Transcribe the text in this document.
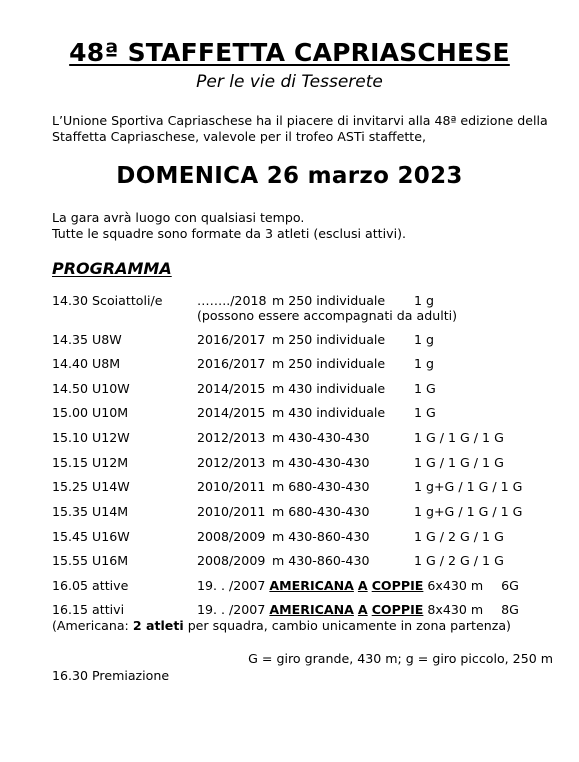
48ª STAFFETTA CAPRIASCHESE
Per le vie di Tesserete
L’Unione Sportiva Capriaschese ha il piacere di invitarvi alla 48ª edizione della
Staffetta Capriaschese, valevole per il trofeo ASTi staffette,
DOMENICA 26 marzo 2023
La gara avrà luogo con qualsiasi tempo.
Tutte le squadre sono formate da 3 atleti (esclusi attivi).
PROGRAMMA
14.30 Scoiattoli/e	……../2018 m 250 individuale 1 g
(possono essere accompagnati da adulti)
14.35 U8W	2016/2017 m 250 individuale 1 g
14.40 U8M	2016/2017 m 250 individuale 1 g
14.50 U10W	2014/2015 m 430 individuale 1 G
15.00 U10M	2014/2015 m 430 individuale 1 G
15.10 U12W	2012/2013 m 430-430-430	1 G / 1 G / 1 G
15.15 U12M	2012/2013 m 430-430-430	1 G / 1 G / 1 G
15.25 U14W	2010/2011 m 680-430-430	1 g+G / 1 G / 1 G
15.35 U14M	2010/2011 m 680-430-430	1 g+G / 1 G / 1 G
15.45 U16W	2008/2009 m 430-860-430	1 G / 2 G / 1 G
15.55 U16M	2008/2009 m 430-860-430	1 G / 2 G / 1 G
16.05 attive	19. . /2007 AMERICANA A COPPIE 6x430 m 6G
16.15 attivi	19. . /2007 AMERICANA A COPPIE 8x430 m 8G
(Americana: 2 atleti per squadra, cambio unicamente in zona partenza)
G = giro grande, 430 m; g = giro piccolo, 250 m
16.30 Premiazione
